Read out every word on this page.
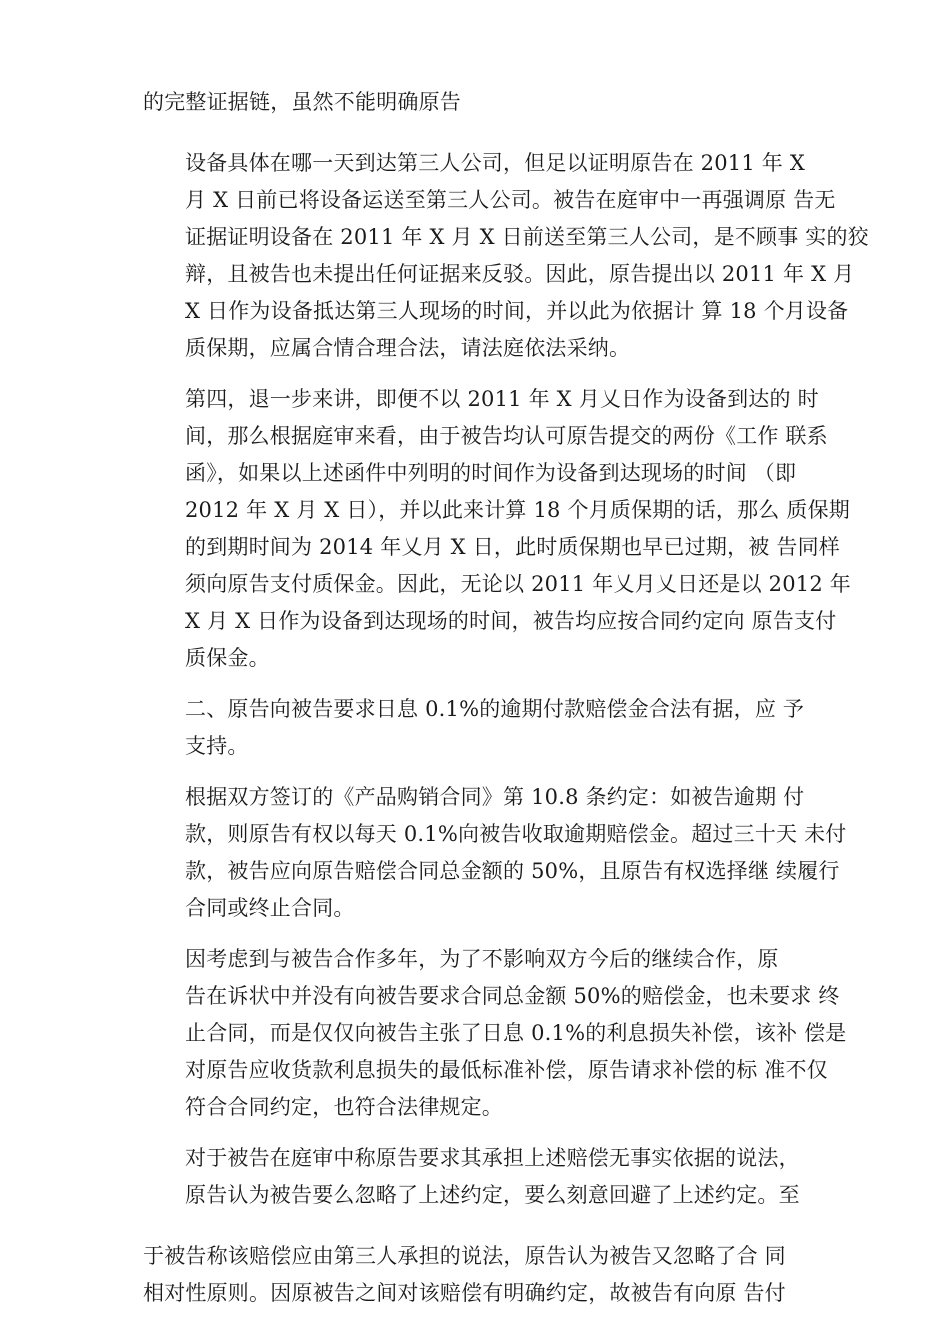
的完整证据链，虽然不能明确原告

设备具体在哪一天到达第三人公司，但足以证明原告在 2011 年 X
月 X 日前已将设备运送至第三人公司。被告在庭审中一再强调原 告无
证据证明设备在 2011 年 X 月 X 日前送至第三人公司，是不顾事 实的狡
辩，且被告也未提出任何证据来反驳。因此，原告提出以 2011 年 X 月
X 日作为设备抵达第三人现场的时间，并以此为依据计 算 18 个月设备
质保期，应属合情合理合法，请法庭依法采纳。

第四，退一步来讲，即便不以 2011 年 X 月乂日作为设备到达的 时
间，那么根据庭审来看，由于被告均认可原告提交的两份《工作 联系
函》，如果以上述函件中列明的时间作为设备到达现场的时间 （即
2012 年 X 月 X 日），并以此来计算 18 个月质保期的话，那么 质保期
的到期时间为 2014 年乂月 X 日，此时质保期也早已过期，被 告同样
须向原告支付质保金。因此，无论以 2011 年乂月乂日还是以 2012 年
X 月 X 日作为设备到达现场的时间，被告均应按合同约定向 原告支付
质保金。

二、原告向被告要求日息 0.1%的逾期付款赔偿金合法有据，应 予
支持。

根据双方签订的《产品购销合同》第 10.8 条约定：如被告逾期 付
款，则原告有权以每天 0.1%向被告收取逾期赔偿金。超过三十天 未付
款，被告应向原告赔偿合同总金额的 50%，且原告有权选择继 续履行
合同或终止合同。

因考虑到与被告合作多年，为了不影响双方今后的继续合作，原
告在诉状中并没有向被告要求合同总金额 50%的赔偿金，也未要求 终
止合同，而是仅仅向被告主张了日息 0.1%的利息损失补偿，该补 偿是
对原告应收货款利息损失的最低标准补偿，原告请求补偿的标 准不仅
符合合同约定，也符合法律规定。

对于被告在庭审中称原告要求其承担上述赔偿无事实依据的说法，
原告认为被告要么忽略了上述约定，要么刻意回避了上述约定。至

于被告称该赔偿应由第三人承担的说法，原告认为被告又忽略了合 同
相对性原则。因原被告之间对该赔偿有明确约定，故被告有向原 告付
